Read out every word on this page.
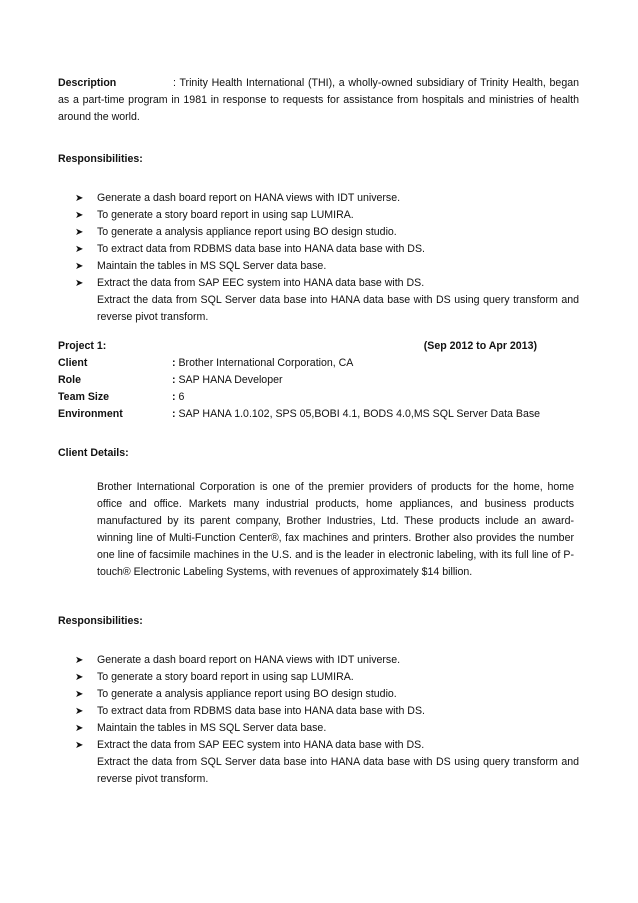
Description	: Trinity Health International (THI), a wholly-owned subsidiary of Trinity Health, began as a part-time program in 1981 in response to requests for assistance from hospitals and ministries of health around the world.

Responsibilities:

➤ Generate a dash board report on HANA views with IDT universe.
➤ To generate a story board report in using sap LUMIRA.
➤ To generate a analysis appliance report using BO design studio.
➤ To extract data from RDBMS data base into HANA data base with DS.
➤ Maintain the tables in MS SQL Server data base.
➤ Extract the data from SAP EEC system into HANA data base with DS.

Extract the data from SQL Server data base into HANA data base with DS using query transform and reverse pivot transform.

Project 1:	(Sep 2012 to Apr 2013)
Client	:
Brother International Corporation, CA
Role	:
SAP HANA Developer
Team Size	:
6
Environment	:
SAP HANA 1.0.102, SPS 05,BOBI 4.1, BODS 4.0,MS SQL Server Data Base

Client Details:

Brother International Corporation is one of the premier providers of products for the home, home office and office. Markets many industrial products, home appliances, and business products manufactured by its parent company, Brother Industries, Ltd. These products include an award-winning line of Multi-Function Center®, fax machines and printers. Brother also provides the number one line of facsimile machines in the U.S. and is the leader in electronic labeling, with its full line of P-touch® Electronic Labeling Systems, with revenues of approximately $14 billion.

Responsibilities:

➤ Generate a dash board report on HANA views with IDT universe.
➤ To generate a story board report in using sap LUMIRA.
➤ To generate a analysis appliance report using BO design studio.
➤ To extract data from RDBMS data base into HANA data base with DS.
➤ Maintain the tables in MS SQL Server data base.
➤ Extract the data from SAP EEC system into HANA data base with DS.

Extract the data from SQL Server data base into HANA data base with DS using query transform and reverse pivot transform.
